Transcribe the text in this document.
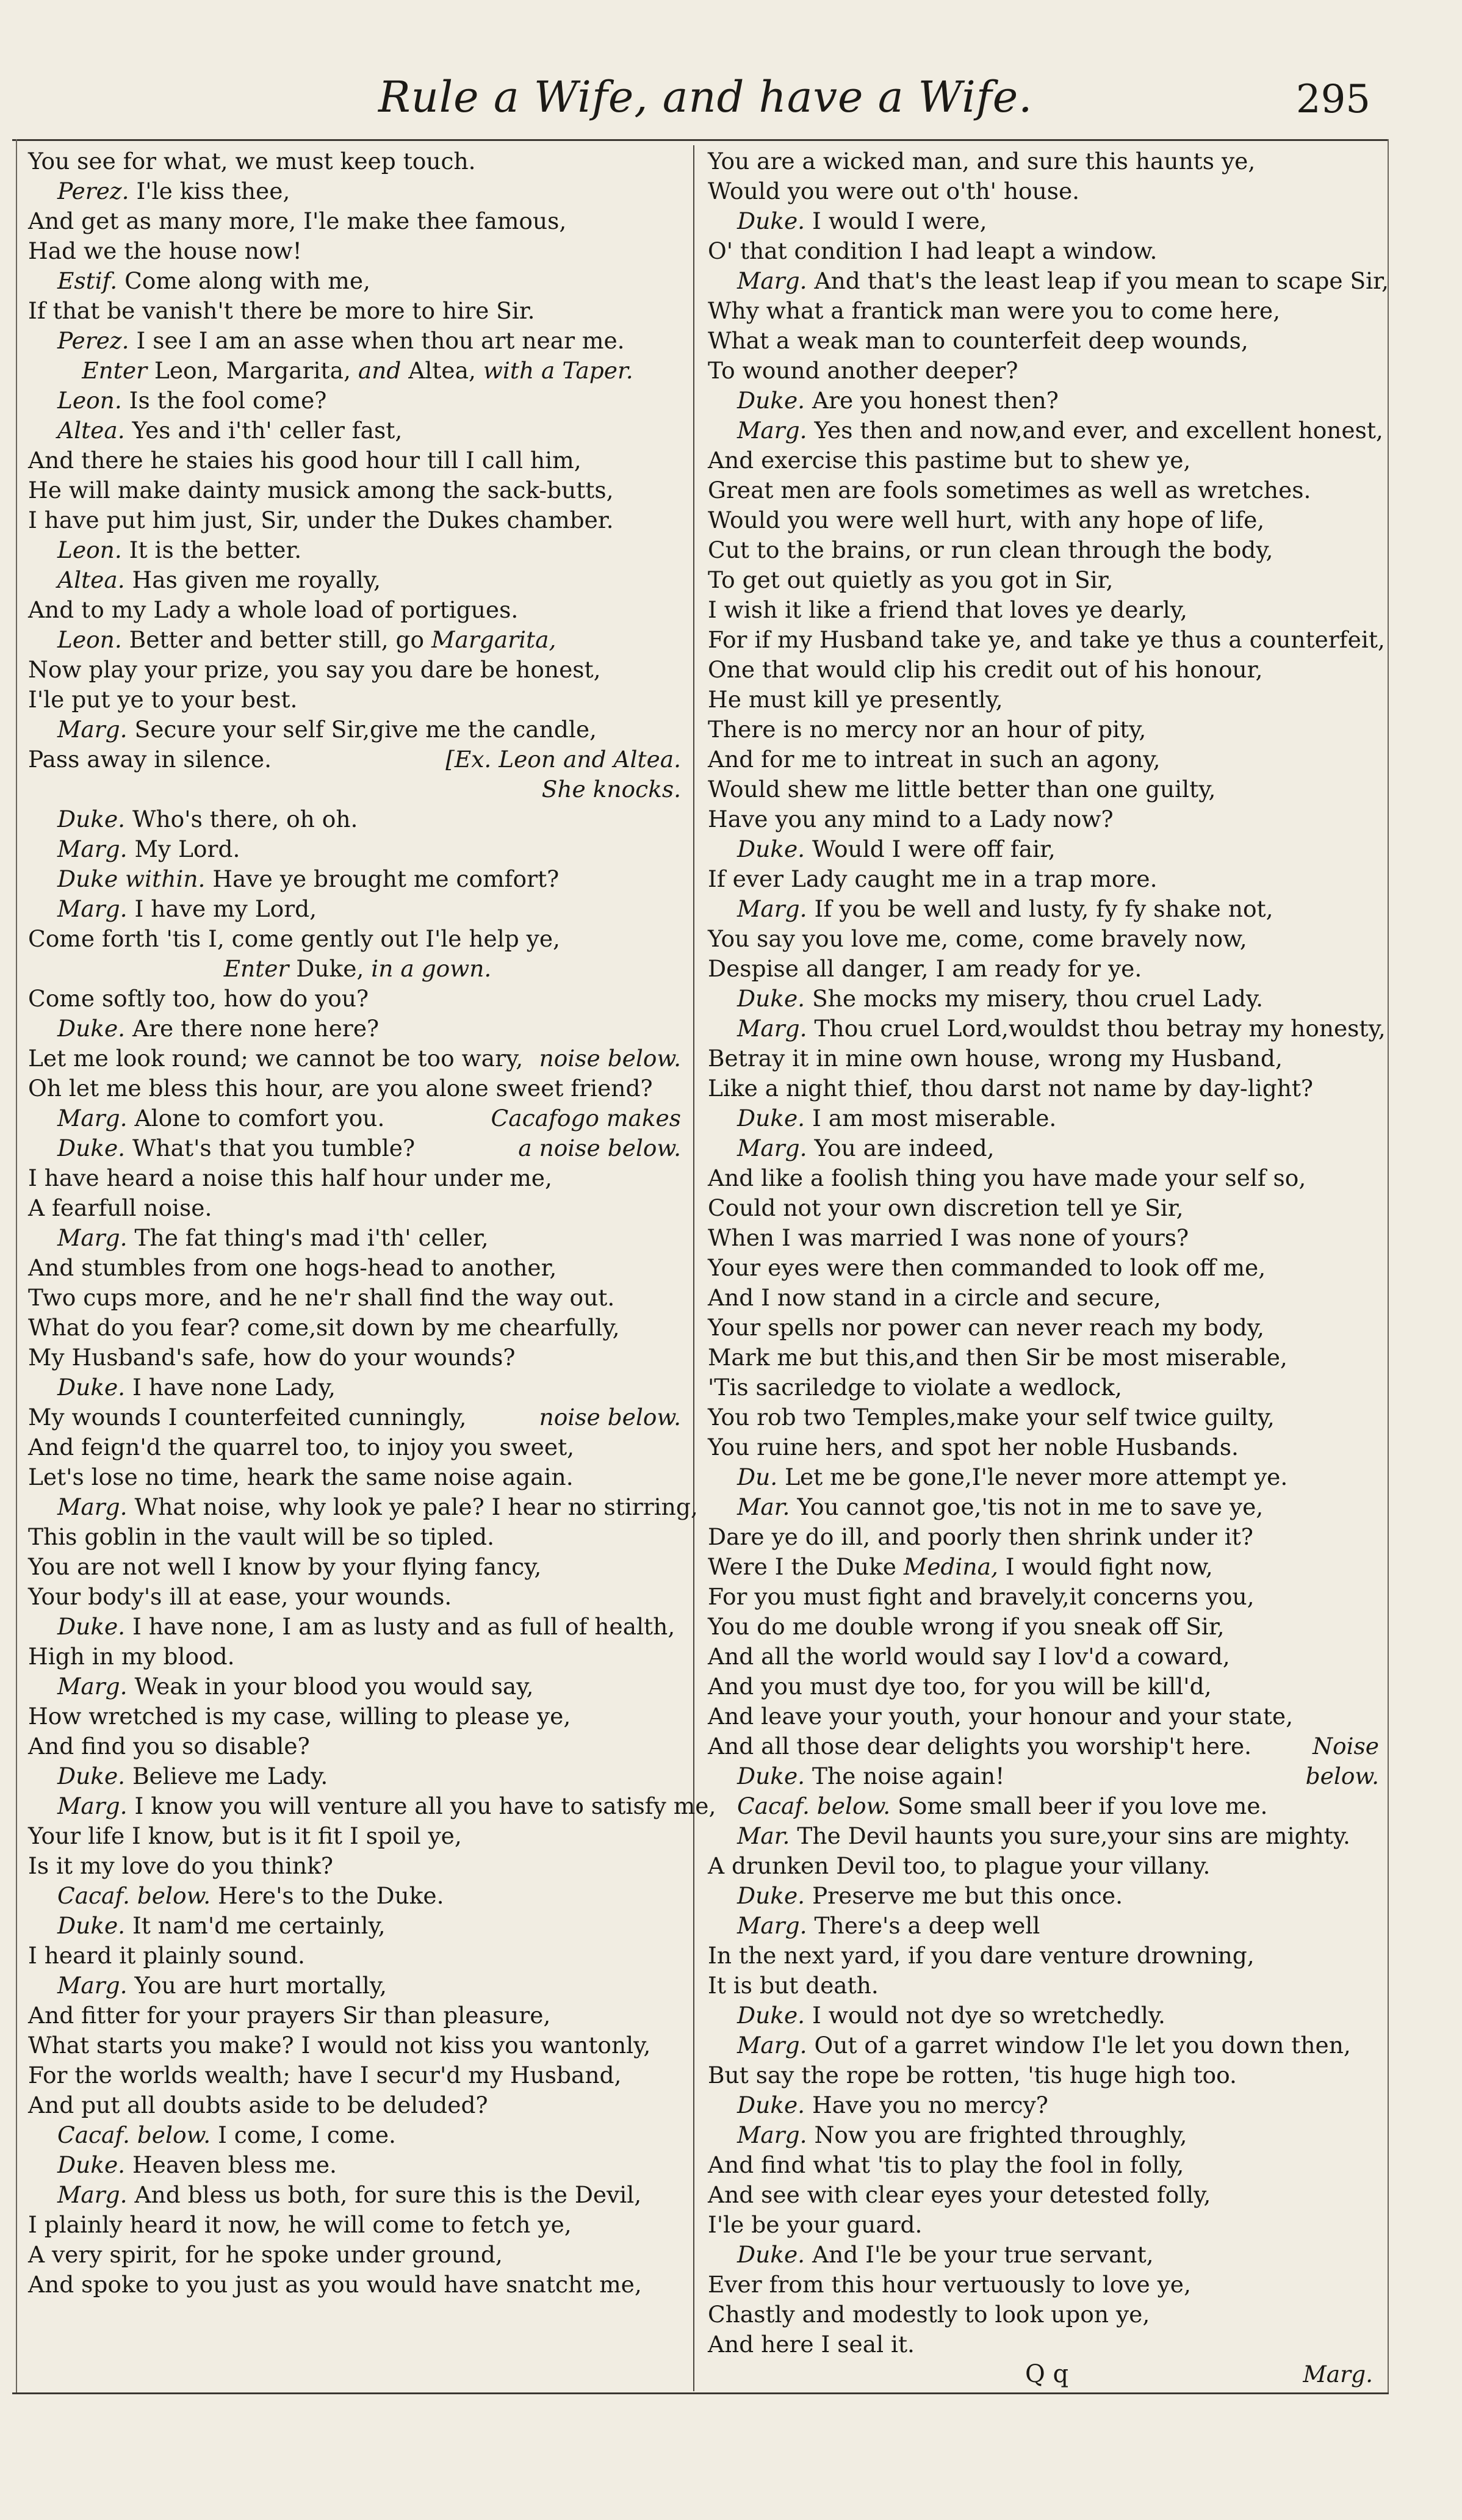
Rule a Wife, and have a Wife.	295
You see for what, we must keep touch.
Perez. I'le kiss thee,
And get as many more, I'le make thee famous,
Had we the house now!
Estif. Come along with me,
If that be vanish't there be more to hire Sir.
Perez. I see I am an asse when thou art near me.
Enter Leon, Margarita, and Altea, with a Taper.
Leon. Is the fool come?
Altea. Yes and i'th' celler fast,
And there he staies his good hour till I call him,
He will make dainty musick among the sack-butts,
I have put him just, Sir, under the Dukes chamber.
Leon. It is the better.
Altea. Has given me royally,
And to my Lady a whole load of portigues.
Leon. Better and better still, go Margarita,
Now play your prize, you say you dare be honest,
I'le put ye to your best.
Marg. Secure your self Sir,give me the candle,
Pass away in silence.	[Ex. Leon and Altea.
She knocks.
Duke. Who's there, oh oh.
Marg. My Lord.
Duke within. Have ye brought me comfort?
Marg. I have my Lord,
Come forth 'tis I, come gently out I'le help ye,
Enter Duke, in a gown.
Come softly too, how do you?
Duke. Are there none here?
Let me look round; we cannot be too wary, noise below.
Oh let me bless this hour, are you alone sweet friend?
Marg. Alone to comfort you.	Cacafogo makes
Duke. What's that you tumble?	a noise below.
I have heard a noise this half hour under me,
A fearfull noise.
Marg. The fat thing's mad i'th' celler,
And stumbles from one hogs-head to another,
Two cups more, and he ne'r shall find the way out.
What do you fear? come,sit down by me chearfully,
My Husband's safe, how do your wounds?
Duke. I have none Lady,
My wounds I counterfeited cunningly,	noise below.
And feign'd the quarrel too, to injoy you sweet,
Let's lose no time, heark the same noise again.
Marg. What noise, why look ye pale? I hear no stirring,
This goblin in the vault will be so tipled.
You are not well I know by your flying fancy,
Your body's ill at ease, your wounds.
Duke. I have none, I am as lusty and as full of health,
High in my blood.
Marg. Weak in your blood you would say,
How wretched is my case, willing to please ye,
And find you so disable?
Duke. Believe me Lady.
Marg. I know you will venture all you have to satisfy me,
Your life I know, but is it fit I spoil ye,
Is it my love do you think?
Cacaf. below. Here's to the Duke.
Duke. It nam'd me certainly,
I heard it plainly sound.
Marg. You are hurt mortally,
And fitter for your prayers Sir than pleasure,
What starts you make? I would not kiss you wantonly,
For the worlds wealth; have I secur'd my Husband,
And put all doubts aside to be deluded?
Cacaf. below. I come, I come.
Duke. Heaven bless me.
Marg. And bless us both, for sure this is the Devil,
I plainly heard it now, he will come to fetch ye,
A very spirit, for he spoke under ground,
And spoke to you just as you would have snatcht me,
You are a wicked man, and sure this haunts ye,
Would you were out o'th' house.
Duke. I would I were,
O' that condition I had leapt a window.
Marg. And that's the least leap if you mean to scape Sir,
Why what a frantick man were you to come here,
What a weak man to counterfeit deep wounds,
To wound another deeper?
Duke. Are you honest then?
Marg. Yes then and now,and ever, and excellent honest,
And exercise this pastime but to shew ye,
Great men are fools sometimes as well as wretches.
Would you were well hurt, with any hope of life,
Cut to the brains, or run clean through the body,
To get out quietly as you got in Sir,
I wish it like a friend that loves ye dearly,
For if my Husband take ye, and take ye thus a counterfeit,
One that would clip his credit out of his honour,
He must kill ye presently,
There is no mercy nor an hour of pity,
And for me to intreat in such an agony,
Would shew me little better than one guilty,
Have you any mind to a Lady now?
Duke. Would I were off fair,
If ever Lady caught me in a trap more.
Marg. If you be well and lusty, fy fy shake not,
You say you love me, come, come bravely now,
Despise all danger, I am ready for ye.
Duke. She mocks my misery, thou cruel Lady.
Marg. Thou cruel Lord,wouldst thou betray my honesty,
Betray it in mine own house, wrong my Husband,
Like a night thief, thou darst not name by day-light?
Duke. I am most miserable.
Marg. You are indeed,
And like a foolish thing you have made your self so,
Could not your own discretion tell ye Sir,
When I was married I was none of yours?
Your eyes were then commanded to look off me,
And I now stand in a circle and secure,
Your spells nor power can never reach my body,
Mark me but this,and then Sir be most miserable,
'Tis sacriledge to violate a wedlock,
You rob two Temples,make your self twice guilty,
You ruine hers, and spot her noble Husbands.
Du. Let me be gone,I'le never more attempt ye.
Mar. You cannot goe,'tis not in me to save ye,
Dare ye do ill, and poorly then shrink under it?
Were I the Duke Medina, I would fight now,
For you must fight and bravely,it concerns you,
You do me double wrong if you sneak off Sir,
And all the world would say I lov'd a coward,
And you must dye too, for you will be kill'd,
And leave your youth, your honour and your state,
And all those dear delights you worship't here.	Noise
Duke. The noise again!	below.
Cacaf. below. Some small beer if you love me.
Mar. The Devil haunts you sure,your sins are mighty.
A drunken Devil too, to plague your villany.
Duke. Preserve me but this once.
Marg. There's a deep well
In the next yard, if you dare venture drowning,
It is but death.
Duke. I would not dye so wretchedly.
Marg. Out of a garret window I'le let you down then,
But say the rope be rotten, 'tis huge high too.
Duke. Have you no mercy?
Marg. Now you are frighted throughly,
And find what 'tis to play the fool in folly,
And see with clear eyes your detested folly,
I'le be your guard.
Duke. And I'le be your true servant,
Ever from this hour vertuously to love ye,
Chastly and modestly to look upon ye,
And here I seal it.
Q q	Marg.
